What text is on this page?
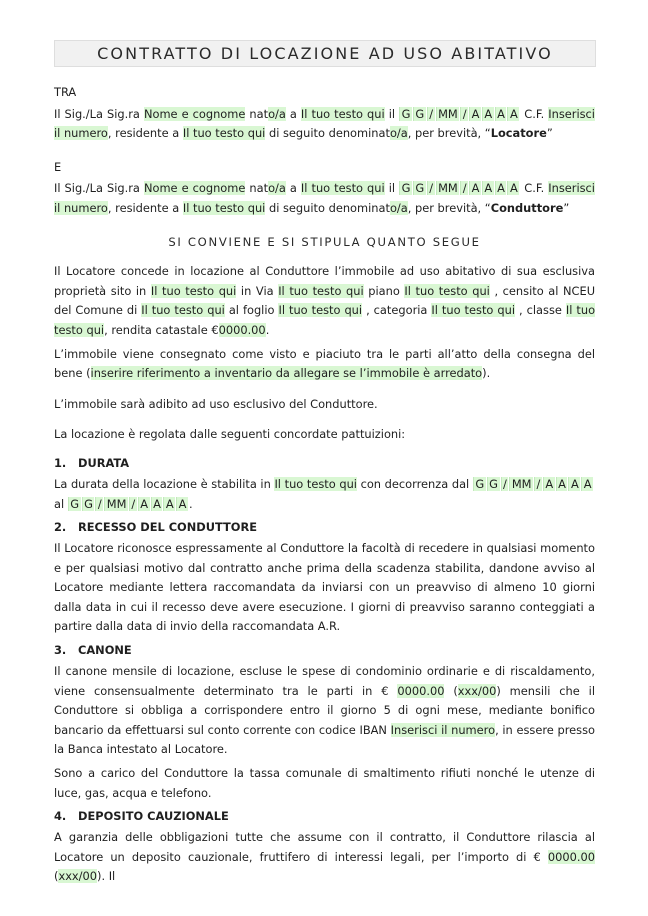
CONTRATTO DI LOCAZIONE AD USO ABITATIVO

TRA

Il Sig./La Sig.ra Nome e cognome nato/a a Il tuo testo qui il G G / MM / A A A A C.F. Inserisci il numero, residente a Il tuo testo qui di seguito denominato/a, per brevità, “Locatore”

E

Il Sig./La Sig.ra Nome e cognome nato/a a Il tuo testo qui il G G / MM / A A A A C.F. Inserisci il numero, residente a Il tuo testo qui di seguito denominato/a, per brevità, “Conduttore”

SI CONVIENE E SI STIPULA QUANTO SEGUE

Il Locatore concede in locazione al Conduttore l’immobile ad uso abitativo di sua esclusiva proprietà sito in Il tuo testo qui in Via Il tuo testo qui piano Il tuo testo qui , censito al NCEU del Comune di Il tuo testo qui al foglio Il tuo testo qui , categoria Il tuo testo qui , classe Il tuo testo qui, rendita catastale €0000.00.

L’immobile viene consegnato come visto e piaciuto tra le parti all’atto della consegna del bene (inserire riferimento a inventario da allegare se l’immobile è arredato).

L’immobile sarà adibito ad uso esclusivo del Conduttore.

La locazione è regolata dalle seguenti concordate pattuizioni:

1.	DURATA

La durata della locazione è stabilita in Il tuo testo qui con decorrenza dal G G / MM / A A A A
al G G / MM / A A A A .

2.	RECESSO DEL CONDUTTORE

Il Locatore riconosce espressamente al Conduttore la facoltà di recedere in qualsiasi momento e per qualsiasi motivo dal contratto anche prima della scadenza stabilita, dandone avviso al Locatore mediante lettera raccomandata da inviarsi con un preavviso di almeno 10 giorni dalla data in cui il recesso deve avere esecuzione. I giorni di preavviso saranno conteggiati a partire dalla data di invio della raccomandata A.R.

3.	CANONE

Il canone mensile di locazione, escluse le spese di condominio ordinarie e di riscaldamento, viene consensualmente determinato tra le parti in € 0000.00 (xxx/00) mensili che il Conduttore si obbliga a corrispondere entro il giorno 5 di ogni mese, mediante bonifico bancario da effettuarsi sul conto corrente con codice IBAN Inserisci il numero, in essere presso la Banca intestato al Locatore.

Sono a carico del Conduttore la tassa comunale di smaltimento rifiuti nonché le utenze di luce, gas, acqua e telefono.

4.	DEPOSITO CAUZIONALE

A garanzia delle obbligazioni tutte che assume con il contratto, il Conduttore rilascia al Locatore un deposito cauzionale, fruttifero di interessi legali, per l’importo di € 0000.00 (xxx/00). Il
